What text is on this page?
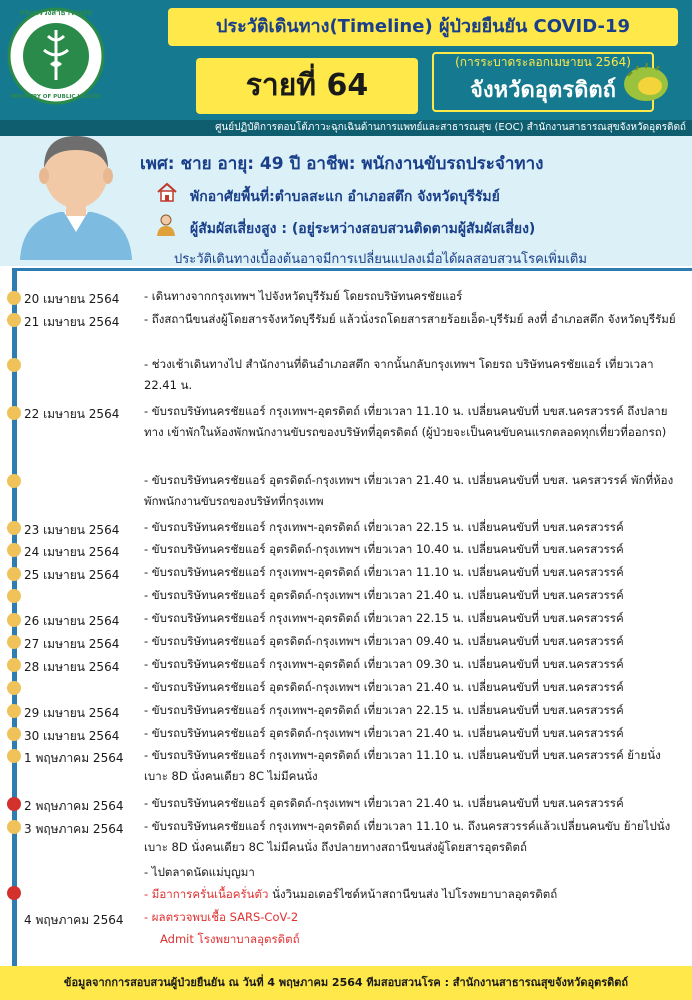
กระทรวงสาธารณสุข
MINISTRY OF PUBLIC HEALTH
ประวัติเดินทาง(Timeline) ผู้ป่วยยืนยัน COVID-19
รายที่ 64
(การระบาดระลอกเมษายน 2564)
จังหวัดอุตรดิตถ์
ศูนย์ปฏิบัติการตอบโต้ภาวะฉุกเฉินด้านการแพทย์และสาธารณสุข (EOC) สำนักงานสาธารณสุขจังหวัดอุตรดิตถ์
เพศ: ชาย อายุ: 49 ปี อาชีพ: พนักงานขับรถประจำทาง
พักอาศัยพื้นที่:ตำบลสะแก อำเภอสตึก จังหวัดบุรีรัมย์
ผู้สัมผัสเสี่ยงสูง : (อยู่ระหว่างสอบสวนติดตามผู้สัมผัสเสี่ยง)
ประวัติเดินทางเบื้องต้นอาจมีการเปลี่ยนแปลงเมื่อได้ผลสอบสวนโรคเพิ่มเติม
20 เมษายน 2564 - เดินทางจากกรุงเทพฯ ไปจังหวัดบุรีรัมย์ โดยรถบริษัทนครชัยแอร์
21 เมษายน 2564 - ถึงสถานีขนส่งผู้โดยสารจังหวัดบุรีรัมย์ แล้วนั่งรถโดยสารสายร้อยเอ็ด-บุรีรัมย์ ลงที่ อำเภอสตึก จังหวัดบุรีรัมย์
- ช่วงเช้าเดินทางไป สำนักงานที่ดินอำเภอสตึก จากนั้นกลับกรุงเทพฯ โดยรถ บริษัทนครชัยแอร์ เที่ยวเวลา 22.41 น.
22 เมษายน 2564 - ขับรถบริษัทนครชัยแอร์ กรุงเทพฯ-อุตรดิตถ์ เที่ยวเวลา 11.10 น. เปลี่ยนคนขับที่ บขส.นครสวรรค์ ถึงปลายทาง เข้าพักในห้องพักพนักงานขับรถของบริษัทที่อุตรดิตถ์ (ผู้ป่วยจะเป็นคนขับคนแรกตลอดทุกเที่ยวที่ออกรถ)
- ขับรถบริษัทนครชัยแอร์ อุตรดิตถ์-กรุงเทพฯ เที่ยวเวลา 21.40 น. เปลี่ยนคนขับที่ บขส. นครสวรรค์ พักที่ห้องพักพนักงานขับรถของบริษัทที่กรุงเทพ
23 เมษายน 2564 - ขับรถบริษัทนครชัยแอร์ กรุงเทพฯ-อุตรดิตถ์ เที่ยวเวลา 22.15 น. เปลี่ยนคนขับที่ บขส.นครสวรรค์
24 เมษายน 2564 - ขับรถบริษัทนครชัยแอร์ อุตรดิตถ์-กรุงเทพฯ เที่ยวเวลา 10.40 น. เปลี่ยนคนขับที่ บขส.นครสวรรค์
25 เมษายน 2564 - ขับรถบริษัทนครชัยแอร์ กรุงเทพฯ-อุตรดิตถ์ เที่ยวเวลา 11.10 น. เปลี่ยนคนขับที่ บขส.นครสวรรค์
- ขับรถบริษัทนครชัยแอร์ อุตรดิตถ์-กรุงเทพฯ เที่ยวเวลา 21.40 น. เปลี่ยนคนขับที่ บขส.นครสวรรค์
26 เมษายน 2564 - ขับรถบริษัทนครชัยแอร์ กรุงเทพฯ-อุตรดิตถ์ เที่ยวเวลา 22.15 น. เปลี่ยนคนขับที่ บขส.นครสวรรค์
27 เมษายน 2564 - ขับรถบริษัทนครชัยแอร์ อุตรดิตถ์-กรุงเทพฯ เที่ยวเวลา 09.40 น. เปลี่ยนคนขับที่ บขส.นครสวรรค์
28 เมษายน 2564 - ขับรถบริษัทนครชัยแอร์ กรุงเทพฯ-อุตรดิตถ์ เที่ยวเวลา 09.30 น. เปลี่ยนคนขับที่ บขส.นครสวรรค์
- ขับรถบริษัทนครชัยแอร์ อุตรดิตถ์-กรุงเทพฯ เที่ยวเวลา 21.40 น. เปลี่ยนคนขับที่ บขส.นครสวรรค์
29 เมษายน 2564 - ขับรถบริษัทนครชัยแอร์ กรุงเทพฯ-อุตรดิตถ์ เที่ยวเวลา 22.15 น. เปลี่ยนคนขับที่ บขส.นครสวรรค์
30 เมษายน 2564 - ขับรถบริษัทนครชัยแอร์ อุตรดิตถ์-กรุงเทพฯ เที่ยวเวลา 21.40 น. เปลี่ยนคนขับที่ บขส.นครสวรรค์
1 พฤษภาคม 2564 - ขับรถบริษัทนครชัยแอร์ กรุงเทพฯ-อุตรดิตถ์ เที่ยวเวลา 11.10 น. เปลี่ยนคนขับที่ บขส.นครสวรรค์ ย้ายนั่งเบาะ 8D นั่งคนเดียว 8C ไม่มีคนนั่ง
2 พฤษภาคม 2564 - ขับรถบริษัทนครชัยแอร์ อุตรดิตถ์-กรุงเทพฯ เที่ยวเวลา 21.40 น. เปลี่ยนคนขับที่ บขส.นครสวรรค์
3 พฤษภาคม 2564 - ขับรถบริษัทนครชัยแอร์ กรุงเทพฯ-อุตรดิตถ์ เที่ยวเวลา 11.10 น. ถึงนครสวรรค์แล้วเปลี่ยนคนขับ ย้ายไปนั่งเบาะ 8D นั่งคนเดียว 8C ไม่มีคนนั่ง ถึงปลายทางสถานีขนส่งผู้โดยสารอุตรดิตถ์
- ไปตลาดนัดแม่บุญมา
- มีอาการครั่นเนื้อครั่นตัว นั่งวินมอเตอร์ไซด์หน้าสถานีขนส่ง ไปโรงพยาบาลอุตรดิตถ์
4 พฤษภาคม 2564 - ผลตรวจพบเชื้อ SARS-CoV-2
Admit โรงพยาบาลอุตรดิตถ์
ข้อมูลจากการสอบสวนผู้ป่วยยืนยัน ณ วันที่ 4 พฤษภาคม 2564 ทีมสอบสวนโรค : สำนักงานสาธารณสุขจังหวัดอุตรดิตถ์
